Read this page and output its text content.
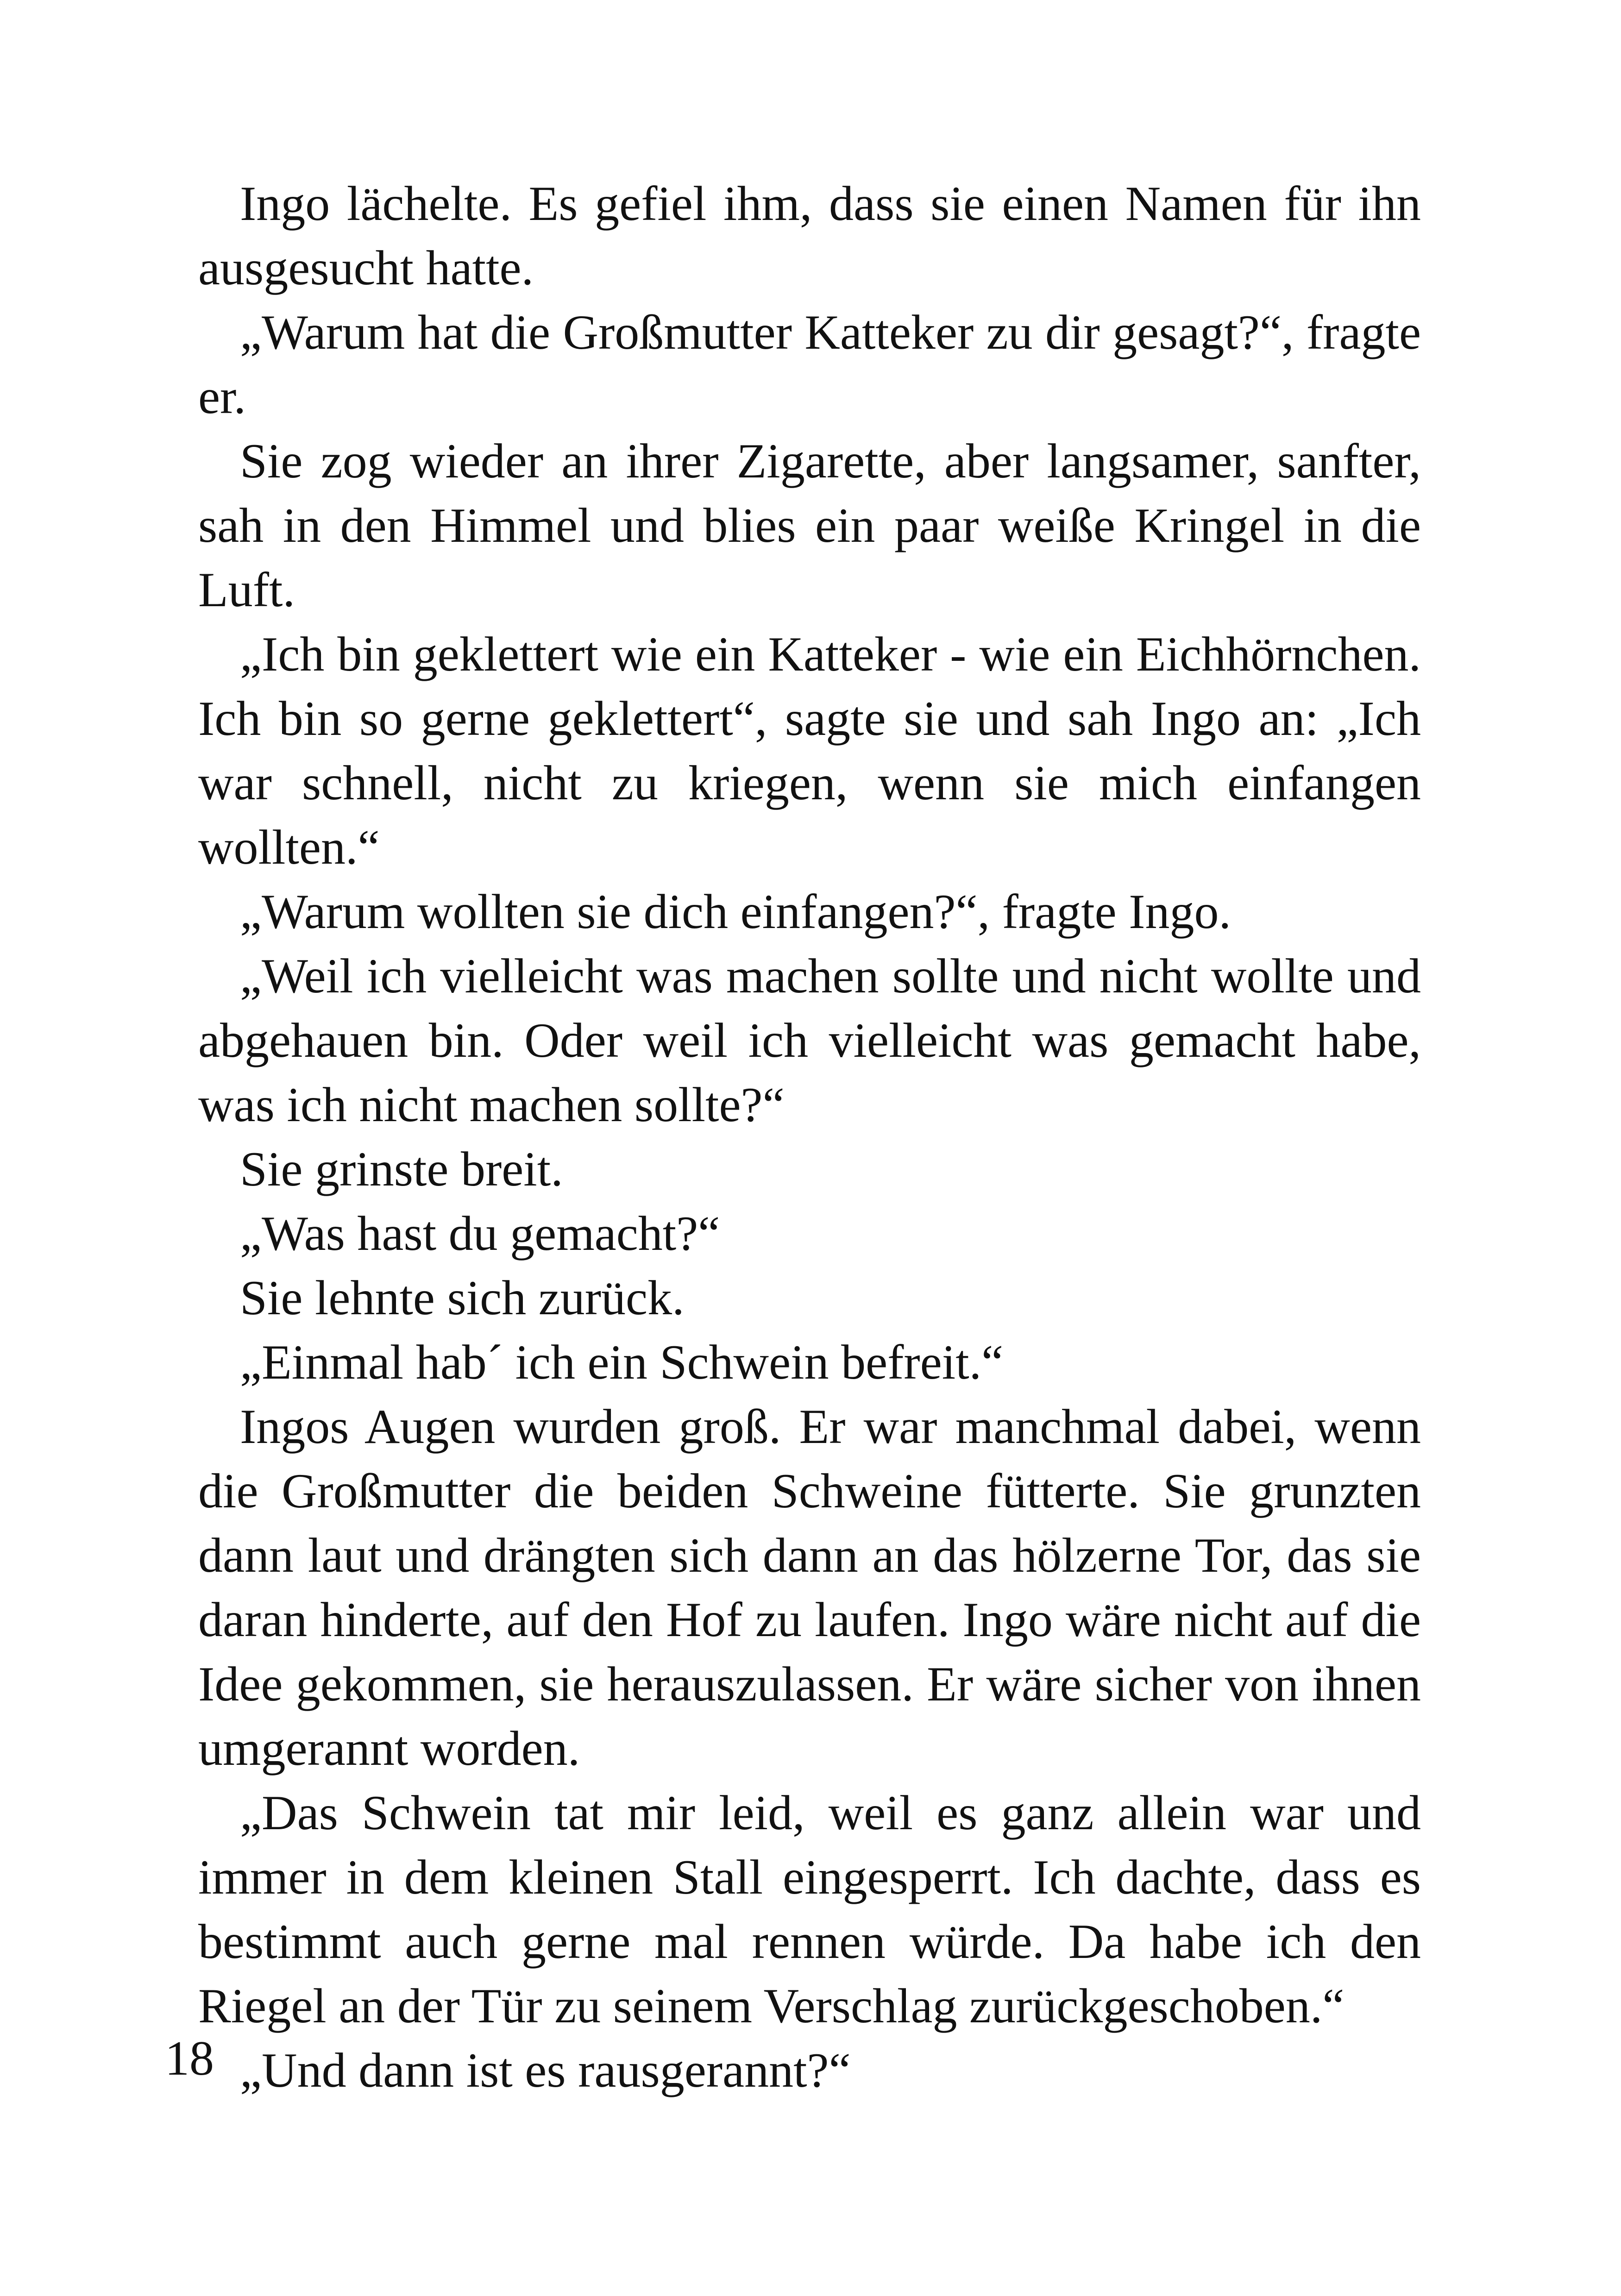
Ingo lächelte. Es gefiel ihm, dass sie einen Namen für ihn ausgesucht hatte.

„Warum hat die Großmutter Katteker zu dir gesagt?“, fragte er.

Sie zog wieder an ihrer Zigarette, aber langsamer, sanfter, sah in den Himmel und blies ein paar weiße Kringel in die Luft.

„Ich bin geklettert wie ein Katteker - wie ein Eichhörnchen. Ich bin so gerne geklettert“, sagte sie und sah Ingo an: „Ich war schnell, nicht zu kriegen, wenn sie mich einfangen wollten.“

„Warum wollten sie dich einfangen?“, fragte Ingo.

„Weil ich vielleicht was machen sollte und nicht wollte und abgehauen bin. Oder weil ich vielleicht was gemacht habe, was ich nicht machen sollte?“

Sie grinste breit.

„Was hast du gemacht?“

Sie lehnte sich zurück.

„Einmal hab´ ich ein Schwein befreit.“

Ingos Augen wurden groß. Er war manchmal dabei, wenn die Großmutter die beiden Schweine fütterte. Sie grunzten dann laut und drängten sich dann an das hölzerne Tor, das sie daran hinderte, auf den Hof zu laufen. Ingo wäre nicht auf die Idee gekommen, sie herauszulassen. Er wäre sicher von ihnen umgerannt worden.

„Das Schwein tat mir leid, weil es ganz allein war und immer in dem kleinen Stall eingesperrt. Ich dachte, dass es bestimmt auch gerne mal rennen würde. Da habe ich den Riegel an der Tür zu seinem Verschlag zurückgeschoben.“

„Und dann ist es rausgerannt?“

18
